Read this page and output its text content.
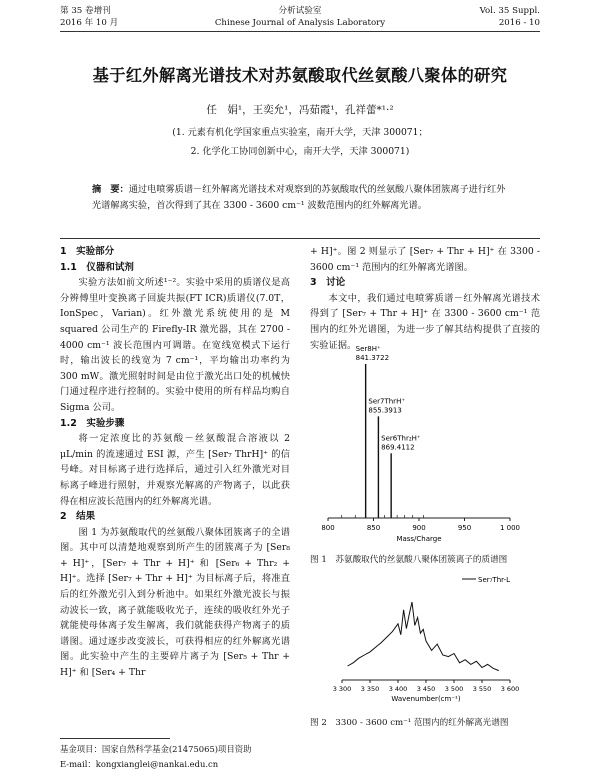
第 35 卷增刊
2016 年 10 月
分析试验室
Chinese Journal of Analysis Laboratory
Vol. 35 Suppl.
2016 - 10
基于红外解离光谱技术对苏氨酸取代丝氨酸八聚体的研究
任　娟¹，王奕允¹，冯茹霞¹，孔祥蕾*¹·²
(1. 元素有机化学国家重点实验室，南开大学，天津 300071；
2. 化学化工协同创新中心，南开大学，天津 300071)
摘　要：通过电喷雾质谱－红外解离光谱技术对观察到的苏氨酸取代的丝氨酸八聚体团簇离子进行红外光谱解离实验，首次得到了其在 3300 - 3600 cm⁻¹ 波数范围内的红外解离光谱。

1　实验部分

1.1　仪器和试剂

实验方法如前文所述¹⁻²。实验中采用的质谱仪是高分辨傅里叶变换离子回旋共振(FT ICR)质谱仪(7.0T，IonSpec，Varian)。红外激光系统使用的是 M squared 公司生产的 Firefly-IR 激光器，其在 2700 - 4000 cm⁻¹ 波长范围内可调谐。在宽线宽模式下运行时，输出波长的线宽为 7 cm⁻¹，平均输出功率约为 300 mW。激光照射时间是由位于激光出口处的机械快门通过程序进行控制的。实验中使用的所有样品均购自 Sigma 公司。

1.2　实验步骤

将一定浓度比的苏氨酸－丝氨酸混合溶液以 2 μL/min 的流速通过 ESI 源，产生 [Ser₇ ThrH]⁺ 的信号峰。对目标离子进行选择后，通过引入红外激光对目标离子峰进行照射，并观察光解离的产物离子，以此获得在相应波长范围内的红外解离光谱。

2　结果

图 1 为苏氨酸取代的丝氨酸八聚体团簇离子的全谱图。其中可以清楚地观察到所产生的团簇离子为 [Ser₈ + H]⁺，[Ser₇ + Thr + H]⁺ 和 [Ser₆ + Thr₂ + H]⁺。选择 [Ser₇ + Thr + H]⁺ 为目标离子后，将准直后的红外激光引入到分析池中。如果红外激光波长与振动波长一致，离子就能吸收光子，连续的吸收红外光子就能使母体离子发生解离，我们就能获得产物离子的质谱图。通过逐步改变波长，可获得相应的红外解离光谱图。此实验中产生的主要碎片离子为 [Ser₅ + Thr + H]⁺ 和 [Ser₄ + Thr

+ H]⁺。图 2 则显示了 [Ser₇ + Thr + H]⁺ 在 3300 - 3600 cm⁻¹ 范围内的红外解离光谱图。

3　讨论

本文中，我们通过电喷雾质谱－红外解离光谱技术得到了 [Ser₇ + Thr + H]⁺ 在 3300 - 3600 cm⁻¹ 范围内的红外光谱图，为进一步了解其结构提供了直接的实验证据。

800	850	900	950	1 000
Mass/Charge
Ser8H⁺
841.3722
Ser7ThrH⁺
855.3913
Ser6Thr₂H⁺
869.4112
图 1　苏氨酸取代的丝氨酸八聚体团簇离子的质谱图
Ser₇Thr-L
3 300 3 350 3 400 3 450 3 500 3 550 3 600
Wavenumber(cm⁻¹)
图 2　3300 - 3600 cm⁻¹ 范围内的红外解离光谱图
基金项目：国家自然科学基金(21475065)项目资助
E-mail：kongxianglei@nankai.edu.cn
